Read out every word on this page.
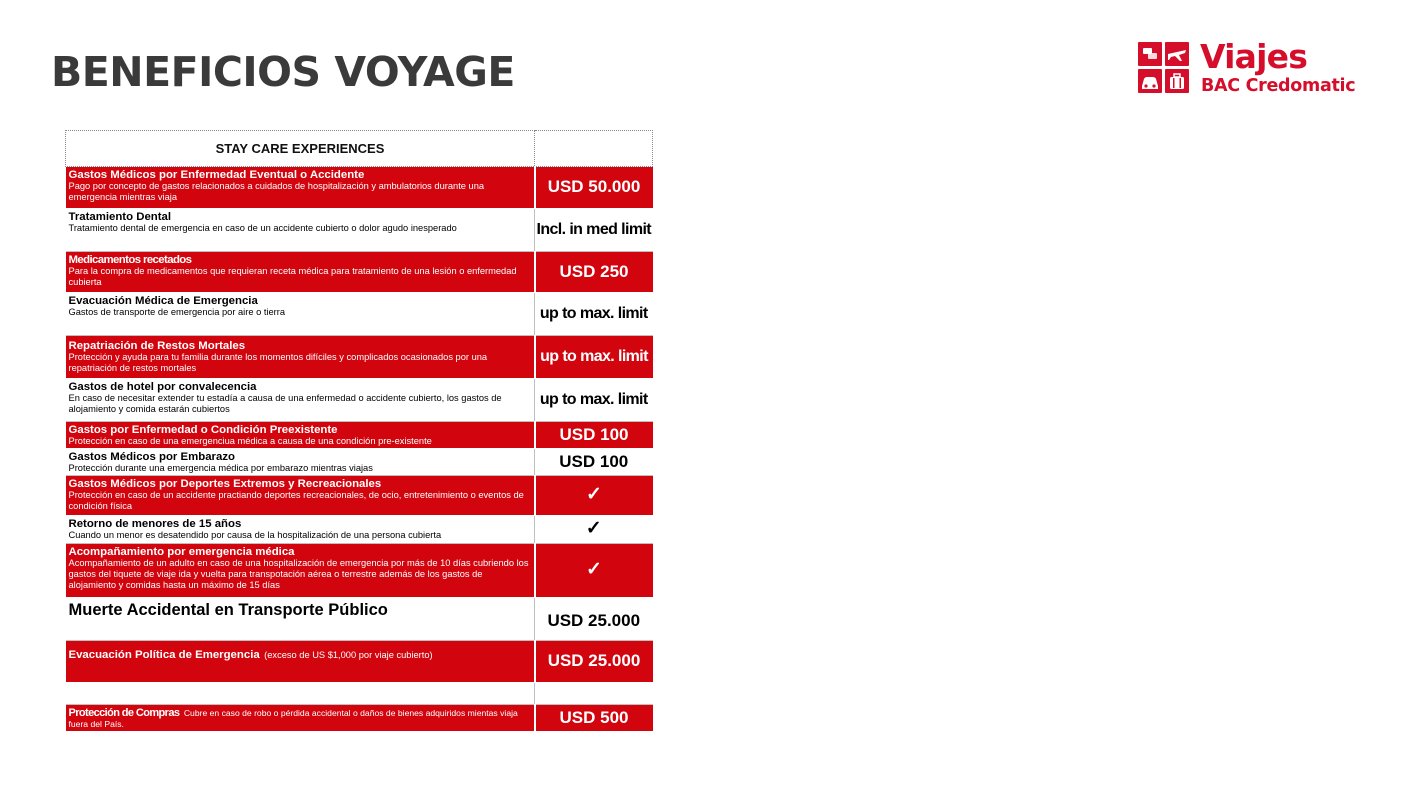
BENEFICIOS VOYAGE	Viajes
BAC Credomatic
STAY CARE EXPERIENCES	

Gastos Médicos por Enfermedad Eventual o Accidente
Pago por concepto de gastos relacionados a cuidados de hospitalización y ambulatorios durante una emergencia mientras viaja	USD 50.000

Tratamiento Dental
Tratamiento dental de emergencia en caso de un accidente cubierto o dolor agudo inesperado	Incl. in med limit

Medicamentos recetados
Para la compra de medicamentos que requieran receta médica para tratamiento de una lesión o enfermedad cubierta	USD 250

Evacuación Médica de Emergencia
Gastos de transporte de emergencia por aire o tierra	up to max. limit

Repatriación de Restos Mortales
Protección y ayuda para tu familia durante los momentos difíciles y complicados ocasionados por una repatriación de restos mortales	up to max. limit

Gastos de hotel por convalecencia
En caso de necesitar extender tu estadía a causa de una enfermedad o accidente cubierto, los gastos de alojamiento y comida estarán cubiertos	up to max. limit

Gastos por Enfermedad o Condición Preexistente
Protección en caso de una emergenciua médica a causa de una condición pre-existente	USD 100

Gastos Médicos por Embarazo
Protección durante una emergencia médica por embarazo mientras viajas	USD 100

Gastos Médicos por Deportes Extremos y Recreacionales
Protección en caso de un accidente practiando deportes recreacionales, de ocio, entretenimiento o eventos de condición física	✓

Retorno de menores de 15 años
Cuando un menor es desatendido por causa de la hospitalización de una persona cubierta	✓

Acompañamiento por emergencia médica
Acompañamiento de un adulto en caso de una hospitalización de emergencia por más de 10 días cubriendo los gastos del tiquete de viaje ida y vuelta para transpotación aérea o terrestre además de los gastos de alojamiento y comidas hasta un máximo de 15 días	✓

Muerte Accidental en Transporte Público	USD 25.000
Evacuación Política de Emergencia (exceso de US $1,000 por viaje cubierto)	USD 25.000

Protección de Compras Cubre en caso de robo o pérdida accidental o daños de bienes adquiridos mientas viaja fuera del País.	USD 500
